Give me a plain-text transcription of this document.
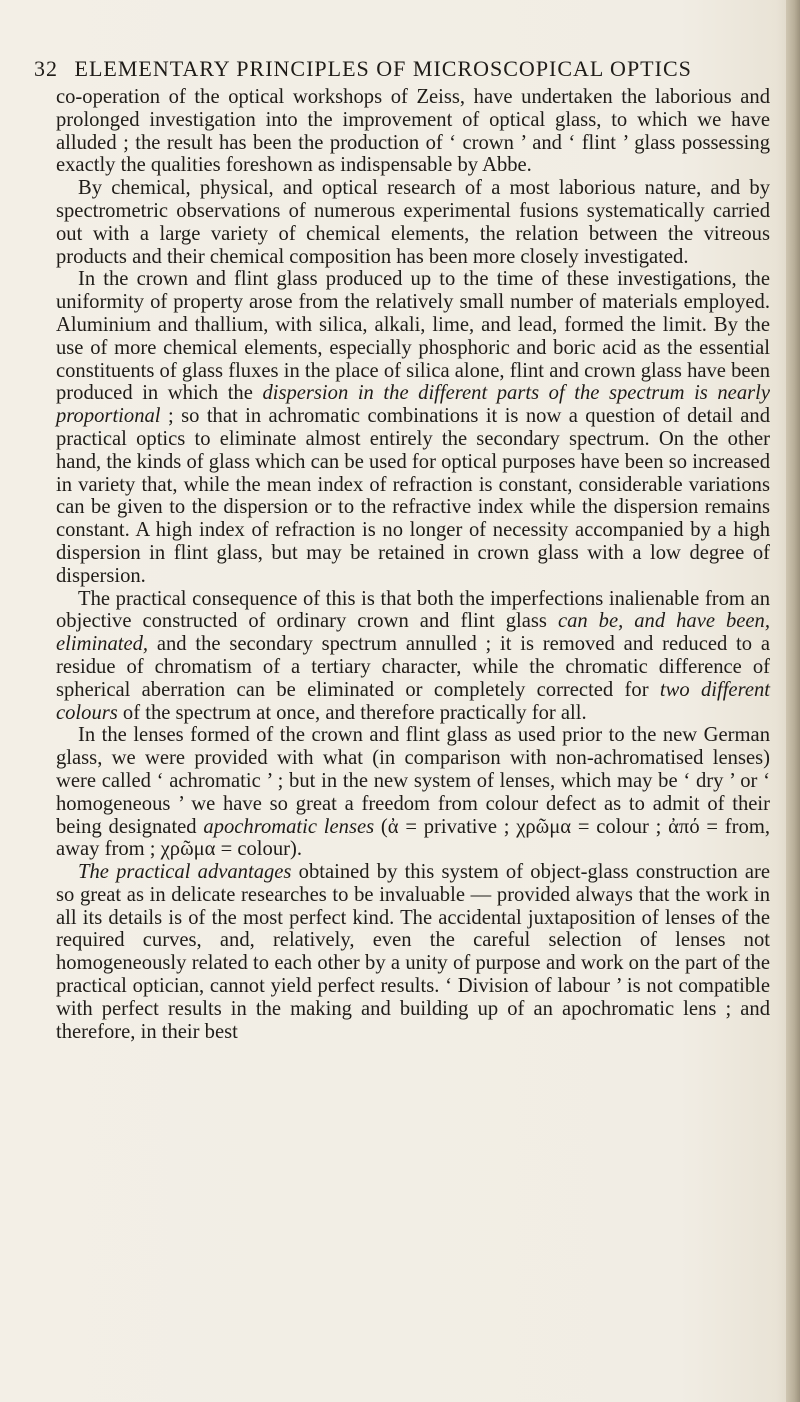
32 ELEMENTARY PRINCIPLES OF MICROSCOPICAL OPTICS

co-operation of the optical workshops of Zeiss, have undertaken the laborious and prolonged investigation into the improvement of optical glass, to which we have alluded ; the result has been the production of ‘ crown ’ and ‘ flint ’ glass possessing exactly the qualities foreshown as indispensable by Abbe.

By chemical, physical, and optical research of a most laborious nature, and by spectrometric observations of numerous experimental fusions systematically carried out with a large variety of chemical elements, the relation between the vitreous products and their chemical composition has been more closely investigated.

In the crown and flint glass produced up to the time of these investigations, the uniformity of property arose from the relatively small number of materials employed. Aluminium and thallium, with silica, alkali, lime, and lead, formed the limit. By the use of more chemical elements, especially phosphoric and boric acid as the essential constituents of glass fluxes in the place of silica alone, flint and crown glass have been produced in which the dispersion in the different parts of the spectrum is nearly proportional ; so that in achromatic combinations it is now a question of detail and practical optics to eliminate almost entirely the secondary spectrum. On the other hand, the kinds of glass which can be used for optical purposes have been so increased in variety that, while the mean index of refraction is constant, considerable variations can be given to the dispersion or to the refractive index while the dispersion remains constant. A high index of refraction is no longer of necessity accompanied by a high dispersion in flint glass, but may be retained in crown glass with a low degree of dispersion.

The practical consequence of this is that both the imperfections inalienable from an objective constructed of ordinary crown and flint glass can be, and have been, eliminated, and the secondary spectrum annulled ; it is removed and reduced to a residue of chromatism of a tertiary character, while the chromatic difference of spherical aberration can be eliminated or completely corrected for two different colours of the spectrum at once, and therefore practically for all.

In the lenses formed of the crown and flint glass as used prior to the new German glass, we were provided with what (in comparison with non-achromatised lenses) were called ‘ achromatic ’ ; but in the new system of lenses, which may be ‘ dry ’ or ‘ homogeneous ’ we have so great a freedom from colour defect as to admit of their being designated apochromatic lenses (ἀ = privative ; χρῶμα = colour ; ἀπό = from, away from ; χρῶμα = colour).

The practical advantages obtained by this system of object-glass construction are so great as in delicate researches to be invaluable — provided always that the work in all its details is of the most perfect kind. The accidental juxtaposition of lenses of the required curves, and, relatively, even the careful selection of lenses not homogeneously related to each other by a unity of purpose and work on the part of the practical optician, cannot yield perfect results. ‘ Division of labour ’ is not compatible with perfect results in the making and building up of an apochromatic lens ; and therefore, in their best
